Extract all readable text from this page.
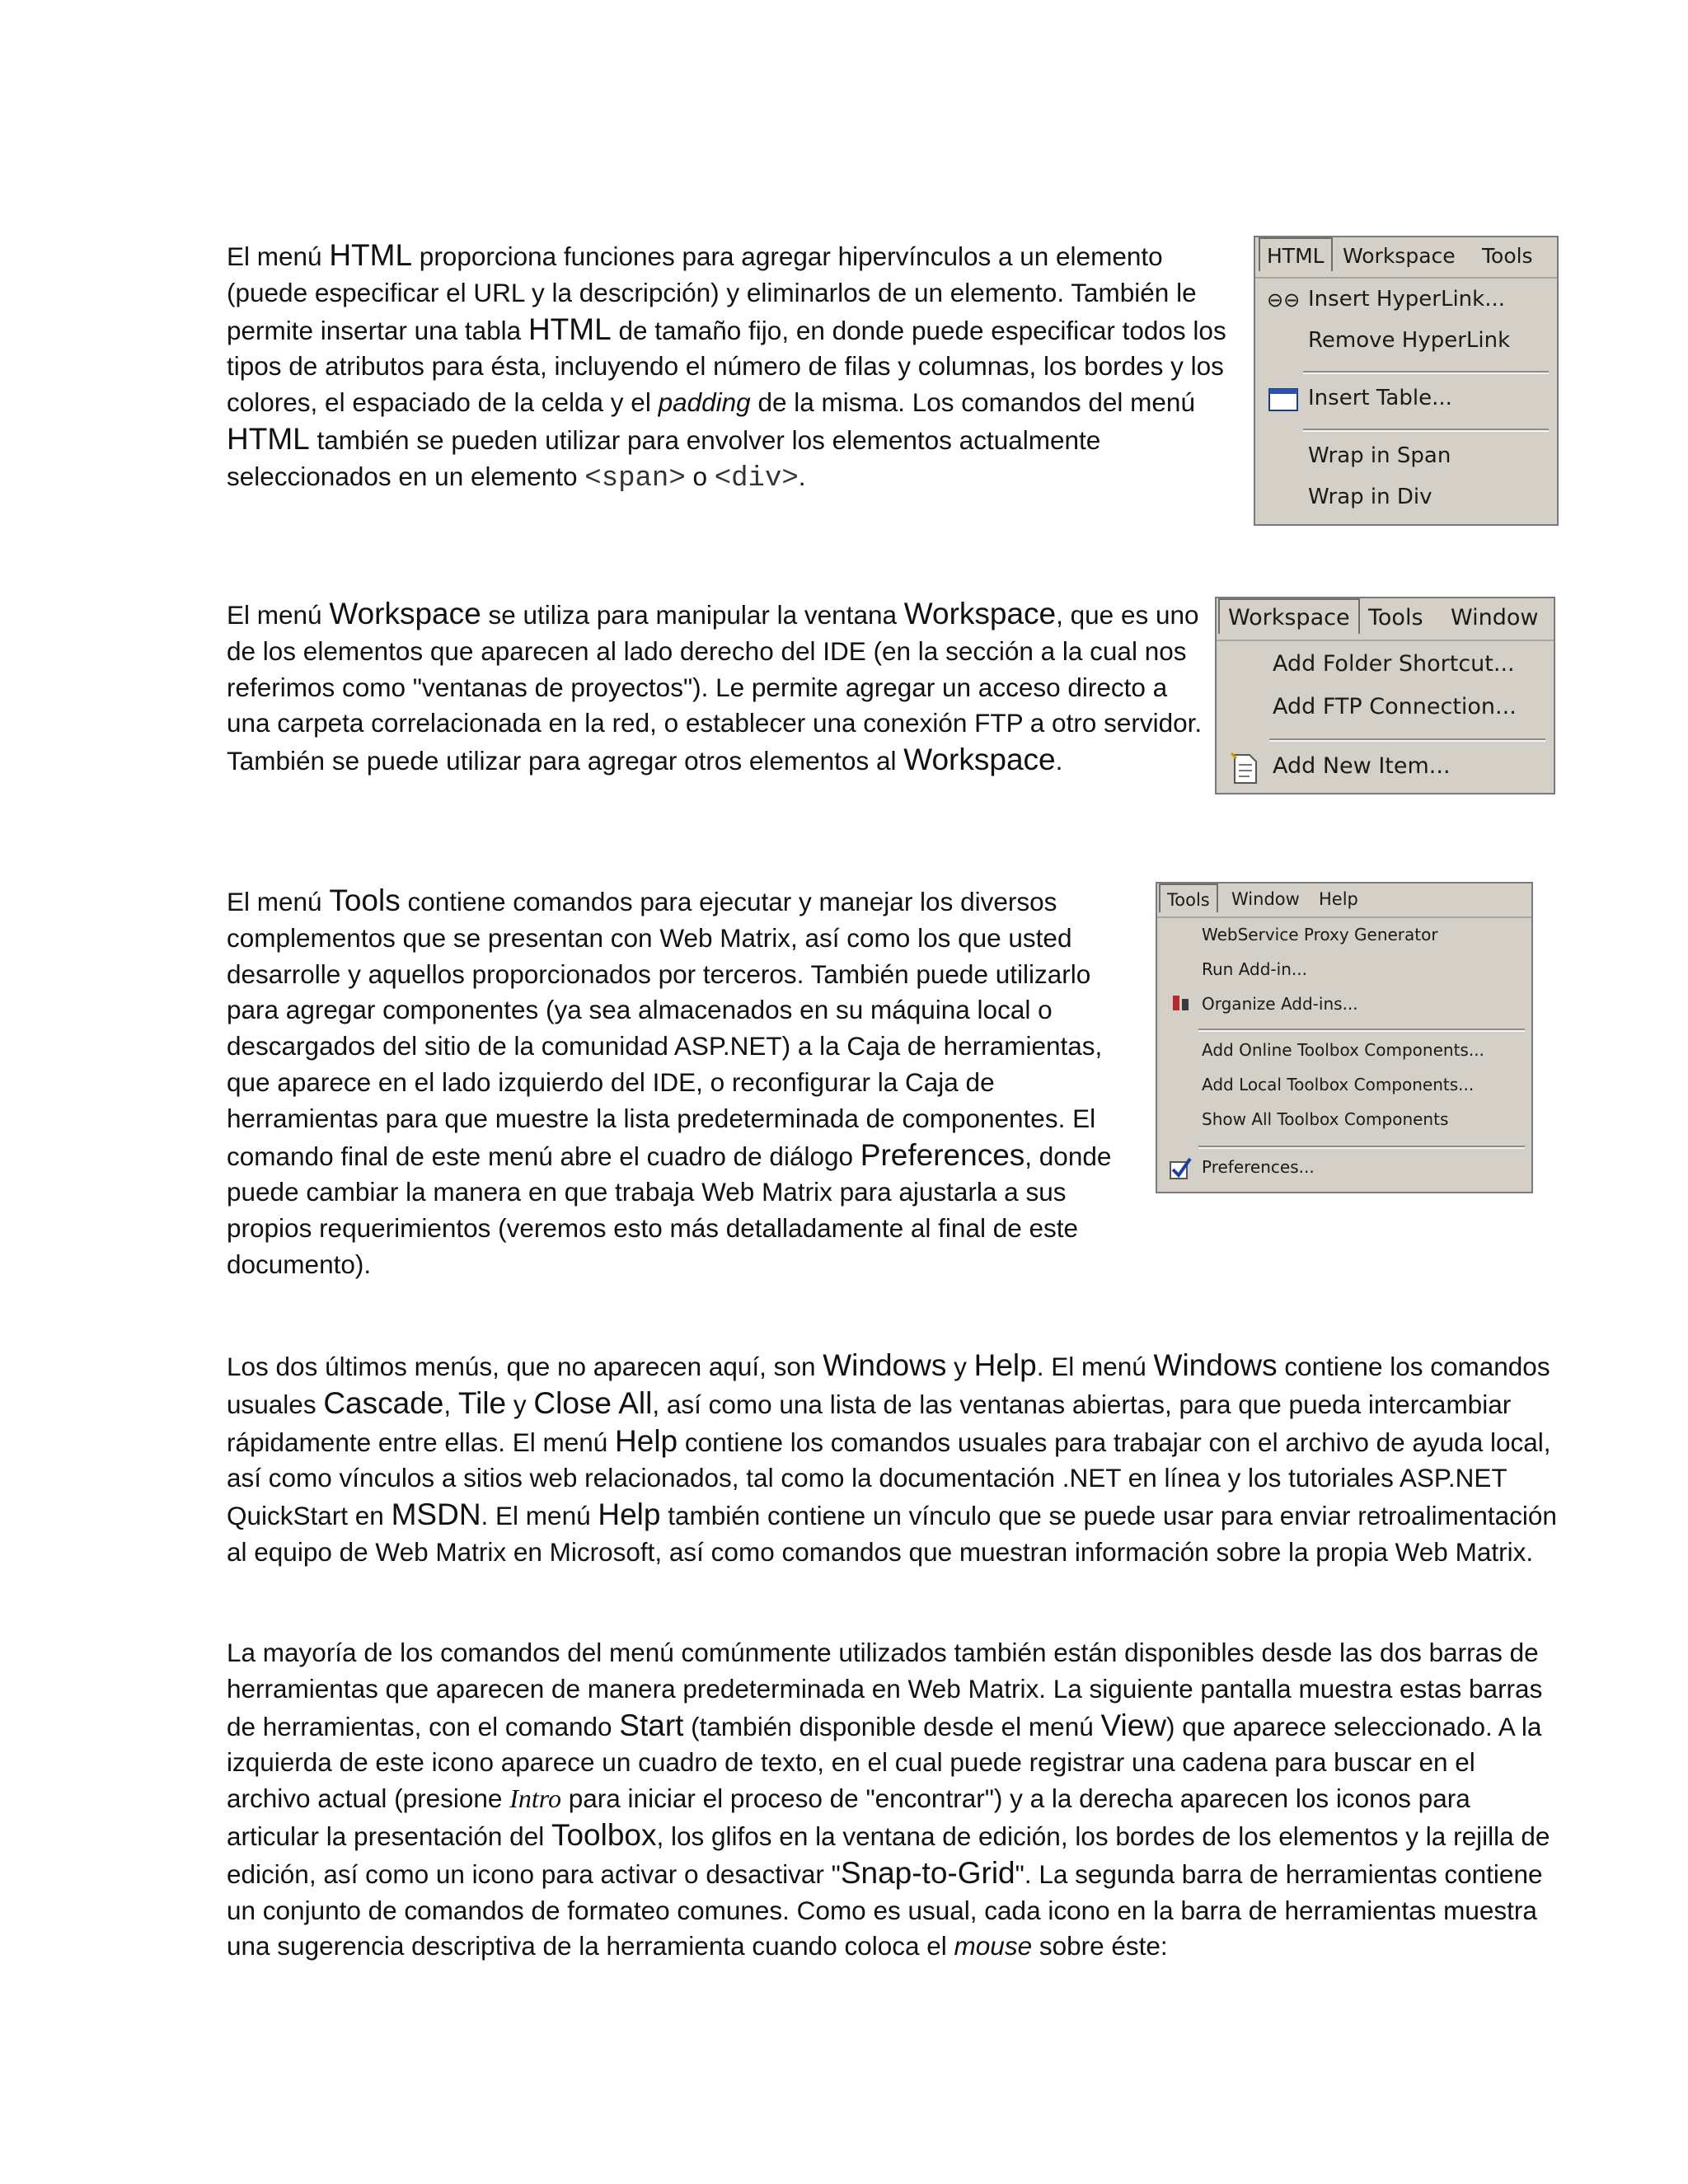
El menú HTML proporciona funciones para agregar hipervínculos a un elemento (puede especificar el URL y la descripción) y eliminarlos de un elemento. También le permite insertar una tabla HTML de tamaño fijo, en donde puede especificar todos los tipos de atributos para ésta, incluyendo el número de filas y columnas, los bordes y los colores, el espaciado de la celda y el padding de la misma. Los comandos del menú HTML también se pueden utilizar para envolver los elementos actualmente seleccionados en un elemento <span> o <div>.

HTML Workspace Tools
⊖⊖ Insert HyperLink...
Remove HyperLink
Insert Table...
Wrap in Span
Wrap in Div

El menú Workspace se utiliza para manipular la ventana Workspace, que es uno de los elementos que aparecen al lado derecho del IDE (en la sección a la cual nos referimos como "ventanas de proyectos"). Le permite agregar un acceso directo a una carpeta correlacionada en la red, o establecer una conexión FTP a otro servidor. También se puede utilizar para agregar otros elementos al Workspace.

Workspace Tools Window
Add Folder Shortcut...
Add FTP Connection...
Add New Item...

El menú Tools contiene comandos para ejecutar y manejar los diversos complementos que se presentan con Web Matrix, así como los que usted desarrolle y aquellos proporcionados por terceros. También puede utilizarlo para agregar componentes (ya sea almacenados en su máquina local o descargados del sitio de la comunidad ASP.NET) a la Caja de herramientas, que aparece en el lado izquierdo del IDE, o reconfigurar la Caja de herramientas para que muestre la lista predeterminada de componentes. El comando final de este menú abre el cuadro de diálogo Preferences, donde puede cambiar la manera en que trabaja Web Matrix para ajustarla a sus propios requerimientos (veremos esto más detalladamente al final de este documento).

Tools	Window Help
WebService Proxy Generator
Run Add-in...
Organize Add-ins...
Add Online Toolbox Components...
Add Local Toolbox Components...
Show All Toolbox Components
Preferences...

Los dos últimos menús, que no aparecen aquí, son Windows y Help. El menú Windows contiene los comandos usuales Cascade, Tile y Close All, así como una lista de las ventanas abiertas, para que pueda intercambiar rápidamente entre ellas. El menú Help contiene los comandos usuales para trabajar con el archivo de ayuda local, así como vínculos a sitios web relacionados, tal como la documentación .NET en línea y los tutoriales ASP.NET QuickStart en MSDN. El menú Help también contiene un vínculo que se puede usar para enviar retroalimentación al equipo de Web Matrix en Microsoft, así como comandos que muestran información sobre la propia Web Matrix.

La mayoría de los comandos del menú comúnmente utilizados también están disponibles desde las dos barras de herramientas que aparecen de manera predeterminada en Web Matrix. La siguiente pantalla muestra estas barras de herramientas, con el comando Start (también disponible desde el menú View) que aparece seleccionado. A la izquierda de este icono aparece un cuadro de texto, en el cual puede registrar una cadena para buscar en el archivo actual (presione Intro para iniciar el proceso de "encontrar") y a la derecha aparecen los iconos para articular la presentación del Toolbox, los glifos en la ventana de edición, los bordes de los elementos y la rejilla de edición, así como un icono para activar o desactivar "Snap-to-Grid". La segunda barra de herramientas contiene un conjunto de comandos de formateo comunes. Como es usual, cada icono en la barra de herramientas muestra una sugerencia descriptiva de la herramienta cuando coloca el mouse sobre éste:
